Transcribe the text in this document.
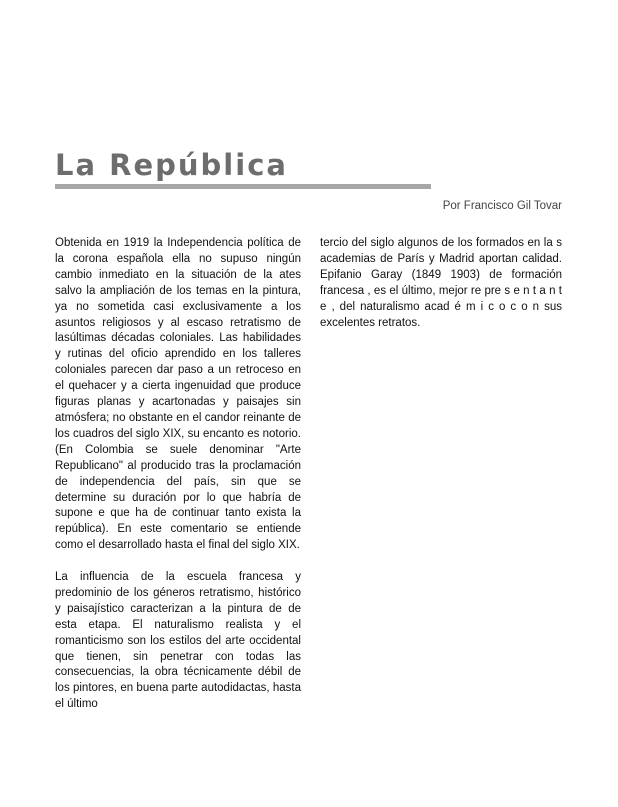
La República
Por Francisco Gil Tovar

Obtenida en 1919 la Independencia política de la corona española ella no supuso ningún cambio inmediato en la situación de la ates salvo la ampliación de los temas en la pintura, ya no sometida casi exclusivamente a los asuntos religiosos y al escaso retratismo de lasúltimas décadas coloniales. Las habilidades y rutinas del oficio aprendido en los talleres coloniales parecen dar paso a un retroceso en el quehacer y a cierta ingenuidad que produce figuras planas y acartonadas y paisajes sin atmósfera; no obstante en el candor reinante de los cuadros del siglo XIX, su encanto es notorio. (En Colombia se suele denominar "Arte Republicano" al producido tras la proclamación de independencia del país, sin que se determine su duración por lo que habría de supone e que ha de continuar tanto exista la república). En este comentario se entiende como el desarrollado hasta el final del siglo XIX.

La influencia de la escuela francesa y predominio de los géneros retratismo, histórico y paisajístico caracterizan a la pintura de de esta etapa. El naturalismo realista y el romanticismo son los estilos del arte occidental que tienen, sin penetrar con todas las consecuencias, la obra técnicamente débil de los pintores, en buena parte autodidactas, hasta el último

tercio del siglo algunos de los formados en la s academias de París y Madrid aportan calidad. Epifanio Garay (1849 1903) de formación francesa , es el último, mejor re pre s e n t a n t e , del naturalismo acad é m i c o c o n sus excelentes retratos.
